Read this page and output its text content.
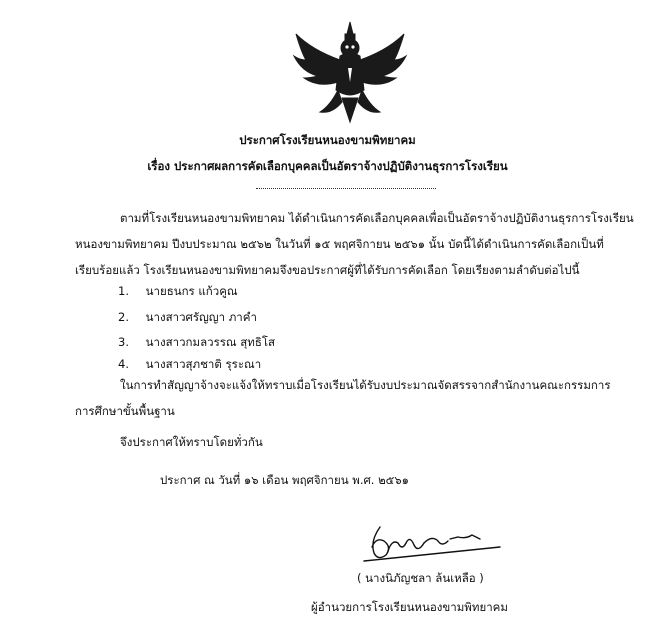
ประกาศโรงเรียนหนองขามพิทยาคม
เรื่อง ประกาศผลการคัดเลือกบุคคลเป็นอัตราจ้างปฏิบัติงานธุรการโรงเรียน
ตามที่โรงเรียนหนองขามพิทยาคม ได้ดำเนินการคัดเลือกบุคคลเพื่อเป็นอัตราจ้างปฏิบัติงานธุรการโรงเรียน
หนองขามพิทยาคม ปีงบประมาณ ๒๕๖๒ ในวันที่ ๑๕ พฤศจิกายน ๒๕๖๑ นั้น บัดนี้ได้ดำเนินการคัดเลือกเป็นที่
เรียบร้อยแล้ว โรงเรียนหนองขามพิทยาคมจึงขอประกาศผู้ที่ได้รับการคัดเลือก โดยเรียงตามลำดับต่อไปนี้
1. นายธนกร แก้วคูณ
2. นางสาวศรัญญา ภาคำ
3. นางสาวกมลวรรณ สุทธิโส
4. นางสาวสุภชาติ รุระณา
ในการทำสัญญาจ้างจะแจ้งให้ทราบเมื่อโรงเรียนได้รับงบประมาณจัดสรรจากสำนักงานคณะกรรมการ
การศึกษาขั้นพื้นฐาน
จึงประกาศให้ทราบโดยทั่วกัน
ประกาศ ณ วันที่ ๑๖ เดือน พฤศจิกายน พ.ศ. ๒๕๖๑
( นางนิภัญชลา ล้นเหลือ )
ผู้อำนวยการโรงเรียนหนองขามพิทยาคม
